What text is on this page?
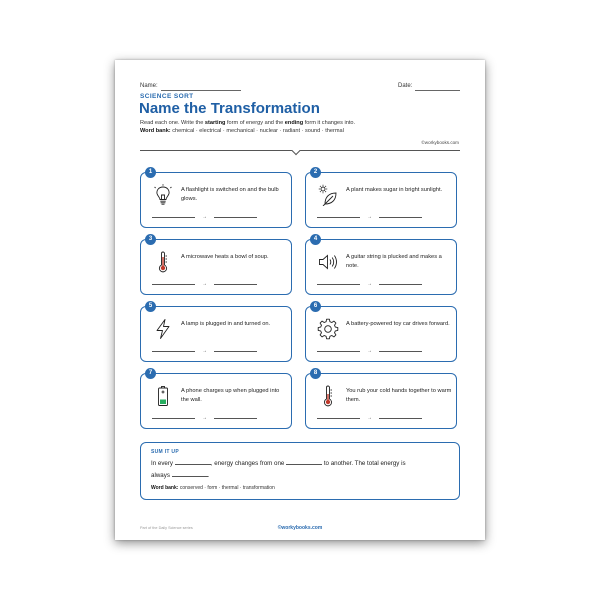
Name:	Date:
SCIENCE SORT
Name the Transformation
Read each one. Write the starting form of energy and the ending form it changes into.
Word bank: chemical · electrical · mechanical · nuclear · radiant · sound · thermal
©workybooks.com
1
A flashlight is switched on and the bulb glows.
→
2
A plant makes sugar in bright sunlight.
→
3
A microwave heats a bowl of soup.
→
4
A guitar string is plucked and makes a note.
→
5
A lamp is plugged in and turned on.
→
6
A battery-powered toy car drives forward.
→
7
A phone charges up when plugged into the wall.
→
8
You rub your cold hands together to warm them.
→
SUM IT UP
In every	, energy changes from one	to another. The total energy is
always	.
Word bank: conserved · form · thermal · transformation
Part of the Daily Science series	©workybooks.com
